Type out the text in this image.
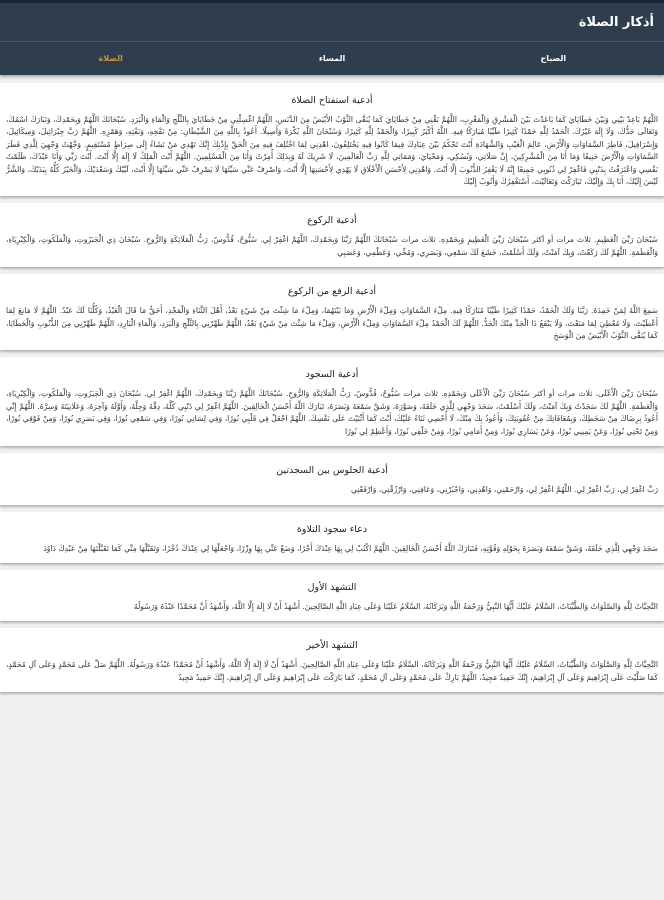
أذكار الصلاة
الصباح
المساء
الصلاة
أدعية استفتاح الصلاة

اللَّهُمَّ بَاعِدْ بَيْنِي وَبَيْنَ خَطَايَايَ كَمَا بَاعَدْتَ بَيْنَ الْمَشْرِقِ وَالْمَغْرِبِ، اللَّهُمَّ نَقِّنِي مِنْ خَطَايَايَ كَمَا يُنَقَّى الثَّوْبُ الأَبْيَضُ مِنَ الدَّنَسِ، اللَّهُمَّ اغْسِلْنِي مِنْ خَطَايَايَ بِالثَّلْجِ وَالْمَاءِ وَالْبَرَدِ. سُبْحَانَكَ اللَّهُمَّ وَبِحَمْدِكَ، وَتَبَارَكَ اسْمُكَ، وَتَعَالَى جَدُّكَ، وَلَا إِلَهَ غَيْرُكَ. الْحَمْدُ لِلَّهِ حَمْدًا كَثِيرًا طَيِّبًا مُبَارَكًا فِيهِ. اللَّهُ أَكْبَرُ كَبِيرًا، وَالْحَمْدُ لِلَّهِ كَثِيرًا، وَسُبْحَانَ اللَّهِ بُكْرَةً وَأَصِيلًا. أَعُوذُ بِاللَّهِ مِنَ الشَّيْطَانِ: مِنْ نَفْخِهِ، وَنَفْثِهِ، وَهَمْزِهِ. اللَّهُمَّ رَبَّ جِبْرَائِيلَ، وَمِيكَائِيلَ، وَإِسْرَافِيلَ، فَاطِرَ السَّمَاوَاتِ وَالْأَرْضِ، عَالِمَ الْغَيْبِ وَالشَّهَادَةِ أَنْتَ تَحْكُمُ بَيْنَ عِبَادِكَ فِيمَا كَانُوا فِيهِ يَخْتَلِفُونَ. اهْدِنِي لِمَا اخْتُلِفَ فِيهِ مِنَ الْحَقِّ بِإِذْنِكَ إِنَّكَ تَهْدِي مَنْ تَشَاءُ إِلَى صِرَاطٍ مُسْتَقِيمٍ. وَجَّهْتُ وَجْهِيَ لِلَّذِي فَطَرَ السَّمَاوَاتِ وَالْأَرْضَ حَنِيفًا وَمَا أَنَا مِنَ الْمُشْرِكِينَ، إِنَّ صَلَاتِي، وَنُسُكِي، وَمَحْيَايَ، وَمَمَاتِي لِلَّهِ رَبِّ الْعَالَمِينَ، لَا شَرِيكَ لَهُ وَبِذَلِكَ أُمِرْتُ وَأَنَا مِنَ الْمُسْلِمِينَ. اللَّهُمَّ أَنْتَ الْمَلِكُ لَا إِلَهَ إِلَّا أَنْتَ. أَنْتَ رَبِّي وَأَنَا عَبْدُكَ، ظَلَمْتُ نَفْسِي وَاعْتَرَفْتُ بِذَنْبِي فَاغْفِرْ لِي ذُنُوبِي جَمِيعًا إِنَّهُ لَا يَغْفِرُ الذُّنُوبَ إِلَّا أَنْتَ. وَاهْدِنِي لِأَحْسَنِ الْأَخْلَاقِ لَا يَهْدِي لِأَحْسَنِهَا إِلَّا أَنْتَ، وَاصْرِفْ عَنِّي سَيِّئَهَا لَا يَصْرِفُ عَنِّي سَيِّئَهَا إِلَّا أَنْتَ، لَبَّيْكَ وَسَعْدَيْكَ، وَالْخَيْرُ كُلُّهُ بِيَدَيْكَ، وَالشَّرُّ لَيْسَ إِلَيْكَ، أَنَا بِكَ وَإِلَيْكَ، تَبَارَكْتَ وَتَعَالَيْتَ، أَسْتَغْفِرُكَ وَأَتُوبُ إِلَيْكَ

أدعية الركوع

سُبْحَانَ رَبِّيَ الْعَظِيمِ. ثلاث مرات أو أكثر سُبْحَانَ رَبِّيَ الْعَظِيمِ وَبِحَمْدِهِ. ثلاث مرات سُبْحَانَكَ اللَّهُمَّ رَبَّنَا وَبِحَمْدِكَ، اللَّهُمَّ اغْفِرْ لِي. سُبُّوحٌ، قُدُّوسٌ، رَبُّ الْمَلَائِكَةِ وَالرُّوحِ. سُبْحَانَ ذِي الْجَبَرُوتِ، وَالْمَلَكُوتِ، وَالْكِبْرِيَاءِ، وَالْعَظَمَةِ. اللَّهُمَّ لَكَ رَكَعْتُ، وَبِكَ آمَنْتُ، وَلَكَ أَسْلَمْتُ، خَشَعَ لَكَ سَمْعِي، وَبَصَرِي، وَمُخِّي، وَعَظْمِي، وَعَصَبِي

أدعية الرفع من الركوع

سَمِعَ اللَّهُ لِمَنْ حَمِدَهُ. رَبَّنَا وَلَكَ الْحَمْدُ، حَمْدًا كَثِيرًا طَيِّبًا مُبَارَكًا فِيهِ. مِلْءَ السَّمَاوَاتِ وَمِلْءَ الْأَرْضِ وَمَا بَيْنَهُمَا، وَمِلْءَ مَا شِئْتَ مِنْ شَيْءٍ بَعْدُ، أَهْلَ الثَّنَاءِ وَالْمَجْدِ، أَحَقُّ مَا قَالَ الْعَبْدُ، وَكُلُّنَا لَكَ عَبْدٌ. اللَّهُمَّ لَا مَانِعَ لِمَا أَعْطَيْتَ، وَلَا مُعْطِيَ لِمَا مَنَعْتَ، وَلَا يَنْفَعُ ذَا الْجَدِّ مِنْكَ الْجَدُّ. اللَّهُمَّ لَكَ الْحَمْدُ مِلْءَ السَّمَاوَاتِ وَمِلْءَ الْأَرْضِ، وَمِلْءَ مَا شِئْتَ مِنْ شَيْءٍ بَعْدُ، اللَّهُمَّ طَهِّرْنِي بِالثَّلْجِ وَالْبَرَدِ، وَالْمَاءِ الْبَارِدِ، اللَّهُمَّ طَهِّرْنِي مِنَ الذُّنُوبِ وَالْخَطَايَا، كَمَا يُنَقَّى الثَّوْبُ الْأَبْيَضُ مِنَ الْوَسَخِ

أدعية السجود

سُبْحَانَ رَبِّيَ الْأَعْلَى. ثلاث مرات أو أكثر سُبْحَانَ رَبِّيَ الْأَعْلَى وَبِحَمْدِهِ. ثلاث مرات سُبُّوحٌ، قُدُّوسٌ، رَبُّ الْمَلَائِكَةِ وَالرُّوحِ. سُبْحَانَكَ اللَّهُمَّ رَبَّنَا وَبِحَمْدِكَ، اللَّهُمَّ اغْفِرْ لِي. سُبْحَانَ ذِي الْجَبَرُوتِ، وَالْمَلَكُوتِ، وَالْكِبْرِيَاءِ، وَالْعَظَمَةِ. اللَّهُمَّ لَكَ سَجَدْتُ وَبِكَ آمَنْتُ، وَلَكَ أَسْلَمْتُ، سَجَدَ وَجْهِي لِلَّذِي خَلَقَهُ، وَصَوَّرَهُ، وَشَقَّ سَمْعَهُ وَبَصَرَهُ، تَبَارَكَ اللَّهُ أَحْسَنُ الْخَالِقِينَ. اللَّهُمَّ اغْفِرْ لِي ذَنْبِي كُلَّهُ، دِقَّهُ وَجِلَّهُ، وَأَوَّلَهُ وَآخِرَهُ، وَعَلَانِيَتَهُ وَسِرَّهُ. اللَّهُمَّ إِنِّي أَعُوذُ بِرِضَاكَ مِنْ سَخَطِكَ، وَبِمُعَافَاتِكَ مِنْ عُقُوبَتِكَ، وَأَعُوذُ بِكَ مِنْكَ، لَا أُحْصِي ثَنَاءً عَلَيْكَ، أَنْتَ كَمَا أَثْنَيْتَ عَلَى نَفْسِكَ. اللَّهُمَّ اجْعَلْ فِي قَلْبِي نُورًا، وَفِي لِسَانِي نُورًا، وَفِي سَمْعِي نُورًا، وَفِي بَصَرِي نُورًا، وَمِنْ فَوْقِي نُورًا، وَمِنْ تَحْتِي نُورًا، وَعَنْ يَمِينِي نُورًا، وَعَنْ يَسَارِي نُورًا، وَمِنْ أَمَامِي نُورًا، وَمِنْ خَلْفِي نُورًا، وَأَعْظِمْ لِي نُورًا

أدعية الجلوس بين السجدتين

رَبِّ اغْفِرْ لِي، رَبِّ اغْفِرْ لِي. اللَّهُمَّ اغْفِرْ لِي، وَارْحَمْنِي، وَاهْدِنِي، وَاجْبُرْنِي، وَعَافِنِي، وَارْزُقْنِي، وَارْفَعْنِي

دعاء سجود التلاوة

سَجَدَ وَجْهِي لِلَّذِي خَلَقَهُ، وَشَقَّ سَمْعَهُ وَبَصَرَهُ بِحَوْلِهِ وَقُوَّتِهِ، فَتَبَارَكَ اللَّهُ أَحْسَنُ الْخَالِقِينَ. اللَّهُمَّ اكْتُبْ لِي بِهَا عِنْدَكَ أَجْرًا، وَضَعْ عَنِّي بِهَا وِزْرًا، وَاجْعَلْهَا لِي عِنْدَكَ ذُخْرًا، وَتَقَبَّلْهَا مِنِّي كَمَا تَقَبَّلْتَهَا مِنْ عَبْدِكَ دَاوُدَ

التشهد الأول

التَّحِيَّاتُ لِلَّهِ وَالصَّلَوَاتُ وَالطَّيِّبَاتُ، السَّلَامُ عَلَيْكَ أَيُّهَا النَّبِيُّ وَرَحْمَةُ اللَّهِ وَبَرَكَاتُهُ، السَّلَامُ عَلَيْنَا وَعَلَى عِبَادِ اللَّهِ الصَّالِحِينَ. أَشْهَدُ أَنْ لَا إِلَهَ إِلَّا اللَّهُ، وَأَشْهَدُ أَنَّ مُحَمَّدًا عَبْدُهُ وَرَسُولُهُ

التشهد الأخير

التَّحِيَّاتُ لِلَّهِ وَالصَّلَوَاتُ وَالطَّيِّبَاتُ، السَّلَامُ عَلَيْكَ أَيُّهَا النَّبِيُّ وَرَحْمَةُ اللَّهِ وَبَرَكَاتُهُ، السَّلَامُ عَلَيْنَا وَعَلَى عِبَادِ اللَّهِ الصَّالِحِينَ. أَشْهَدُ أَنْ لَا إِلَهَ إِلَّا اللَّهُ، وَأَشْهَدُ أَنَّ مُحَمَّدًا عَبْدُهُ وَرَسُولُهُ. اللَّهُمَّ صَلِّ عَلَى مُحَمَّدٍ وَعَلَى آلِ مُحَمَّدٍ، كَمَا صَلَّيْتَ عَلَى إِبْرَاهِيمَ وَعَلَى آلِ إِبْرَاهِيمَ، إِنَّكَ حَمِيدٌ مَجِيدٌ، اللَّهُمَّ بَارِكْ عَلَى مُحَمَّدٍ وَعَلَى آلِ مُحَمَّدٍ، كَمَا بَارَكْتَ عَلَى إِبْرَاهِيمَ وَعَلَى آلِ إِبْرَاهِيمَ، إِنَّكَ حَمِيدٌ مَجِيدٌ
